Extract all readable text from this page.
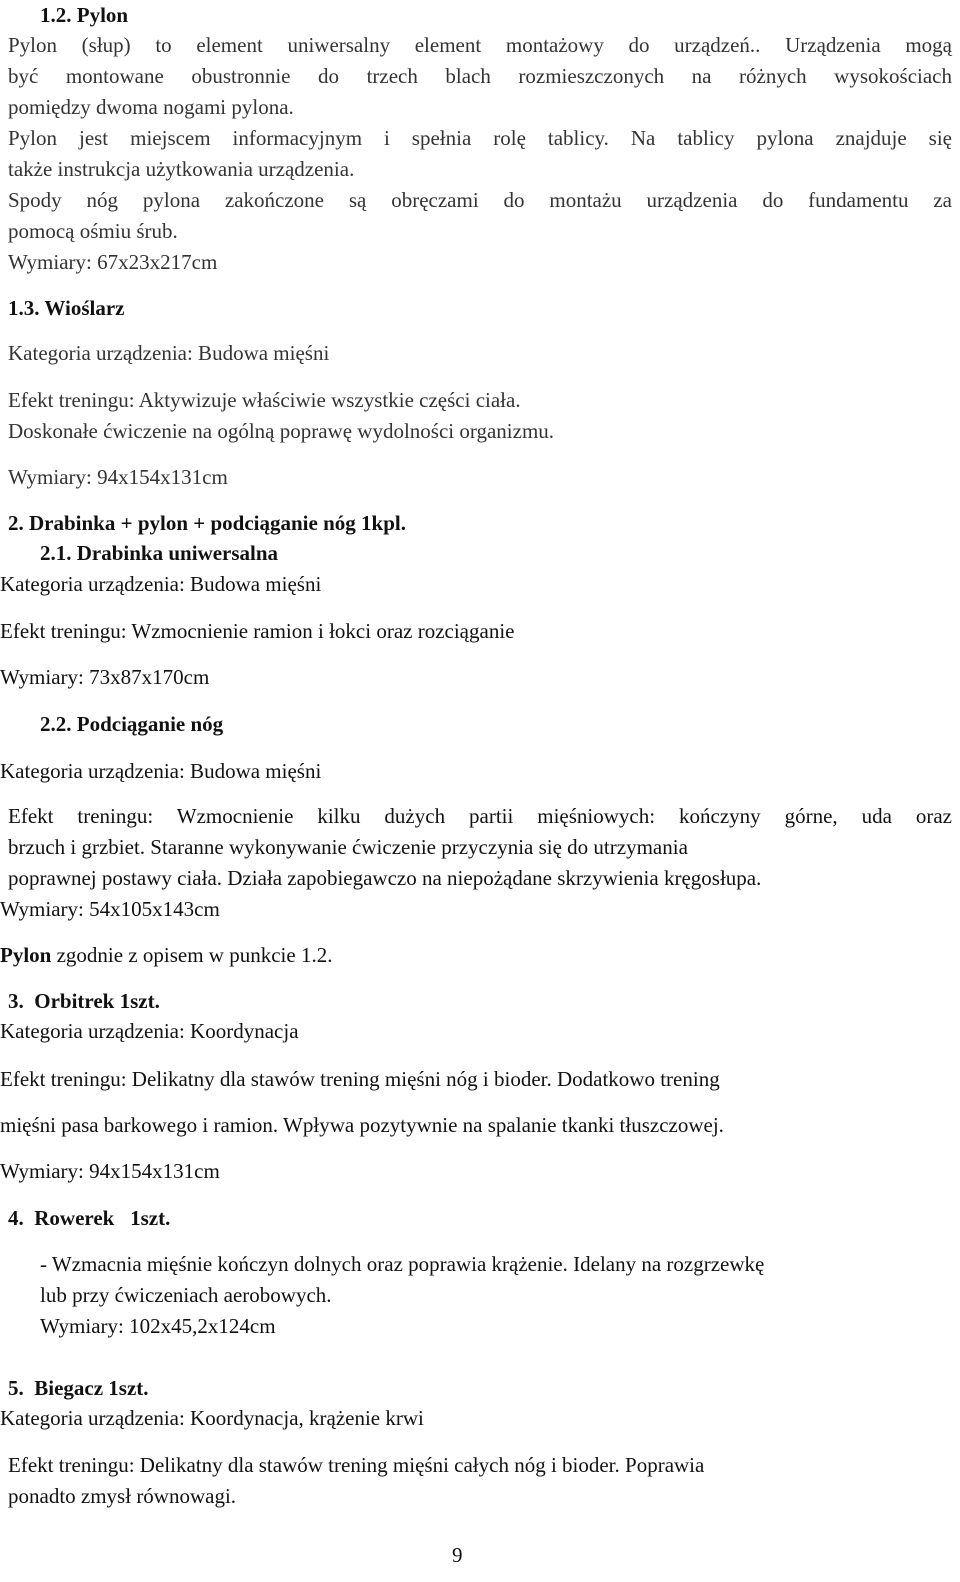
1.2. Pylon
Pylon (słup) to element uniwersalny element montażowy do urządzeń.. Urządzenia mogą
być montowane obustronnie do trzech blach rozmieszczonych na różnych wysokościach
pomiędzy dwoma nogami pylona.
Pylon jest miejscem informacyjnym i spełnia rolę tablicy. Na tablicy pylona znajduje się
także instrukcja użytkowania urządzenia.
Spody nóg pylona zakończone są obręczami do montażu urządzenia do fundamentu za
pomocą ośmiu śrub.
Wymiary: 67x23x217cm
1.3. Wioślarz
Kategoria urządzenia: Budowa mięśni
Efekt treningu: Aktywizuje właściwie wszystkie części ciała.
Doskonałe ćwiczenie na ogólną poprawę wydolności organizmu.
Wymiary: 94x154x131cm
2. Drabinka + pylon + podciąganie nóg 1kpl.
2.1. Drabinka uniwersalna
Kategoria urządzenia: Budowa mięśni
Efekt treningu: Wzmocnienie ramion i łokci oraz rozciąganie
Wymiary: 73x87x170cm
2.2. Podciąganie nóg
Kategoria urządzenia: Budowa mięśni
Efekt treningu: Wzmocnienie kilku dużych partii mięśniowych: kończyny górne, uda oraz
brzuch i grzbiet. Staranne wykonywanie ćwiczenie przyczynia się do utrzymania
poprawnej postawy ciała. Działa zapobiegawczo na niepożądane skrzywienia kręgosłupa.
Wymiary: 54x105x143cm
Pylon zgodnie z opisem w punkcie 1.2.
3.  Orbitrek 1szt.
Kategoria urządzenia: Koordynacja
Efekt treningu: Delikatny dla stawów trening mięśni nóg i bioder. Dodatkowo trening
mięśni pasa barkowego i ramion. Wpływa pozytywnie na spalanie tkanki tłuszczowej.
Wymiary: 94x154x131cm
4.  Rowerek   1szt.
- Wzmacnia mięśnie kończyn dolnych oraz poprawia krążenie. Idelany na rozgrzewkę
lub przy ćwiczeniach aerobowych.
Wymiary: 102x45,2x124cm
5.  Biegacz 1szt.
Kategoria urządzenia: Koordynacja, krążenie krwi
Efekt treningu: Delikatny dla stawów trening mięśni całych nóg i bioder. Poprawia
ponadto zmysł równowagi.
9
